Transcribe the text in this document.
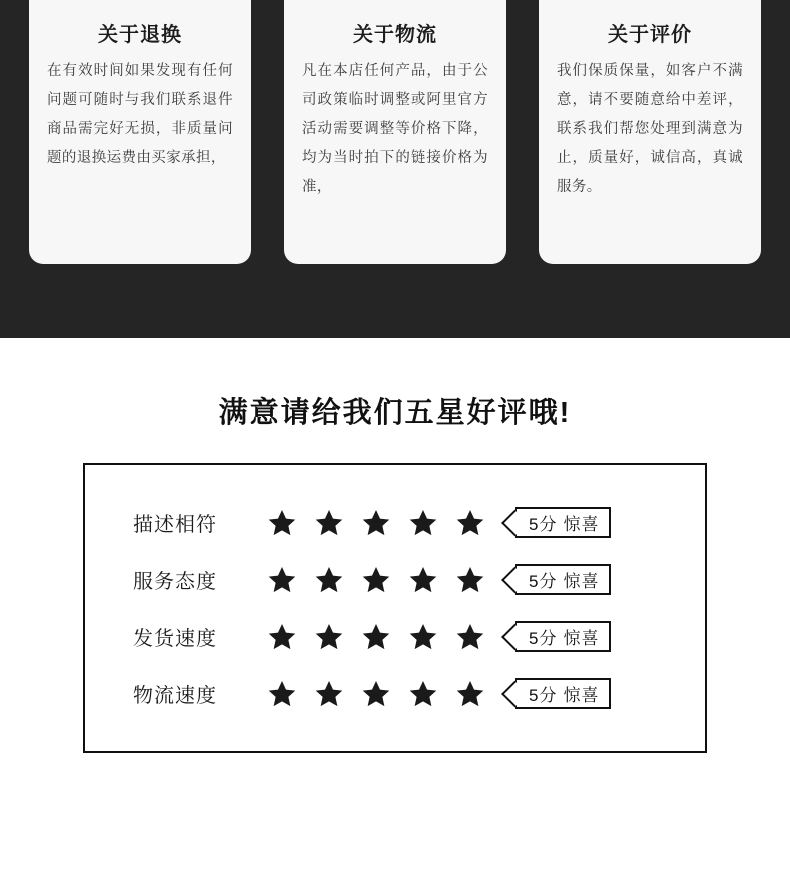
关于退换
在有效时间如果发现有任何问题可随时与我们联系退件商品需完好无损，非质量问题的退换运费由买家承担，
关于物流
凡在本店任何产品，由于公司政策临时调整或阿里官方活动需要调整等价格下降，均为当时拍下的链接价格为准，
关于评价
我们保质保量，如客户不满意，请不要随意给中差评，联系我们帮您处理到满意为止，质量好，诚信高，真诚服务。
满意请给我们五星好评哦!
描述相符	5分 惊喜
服务态度	5分 惊喜
发货速度	5分 惊喜
物流速度	5分 惊喜
